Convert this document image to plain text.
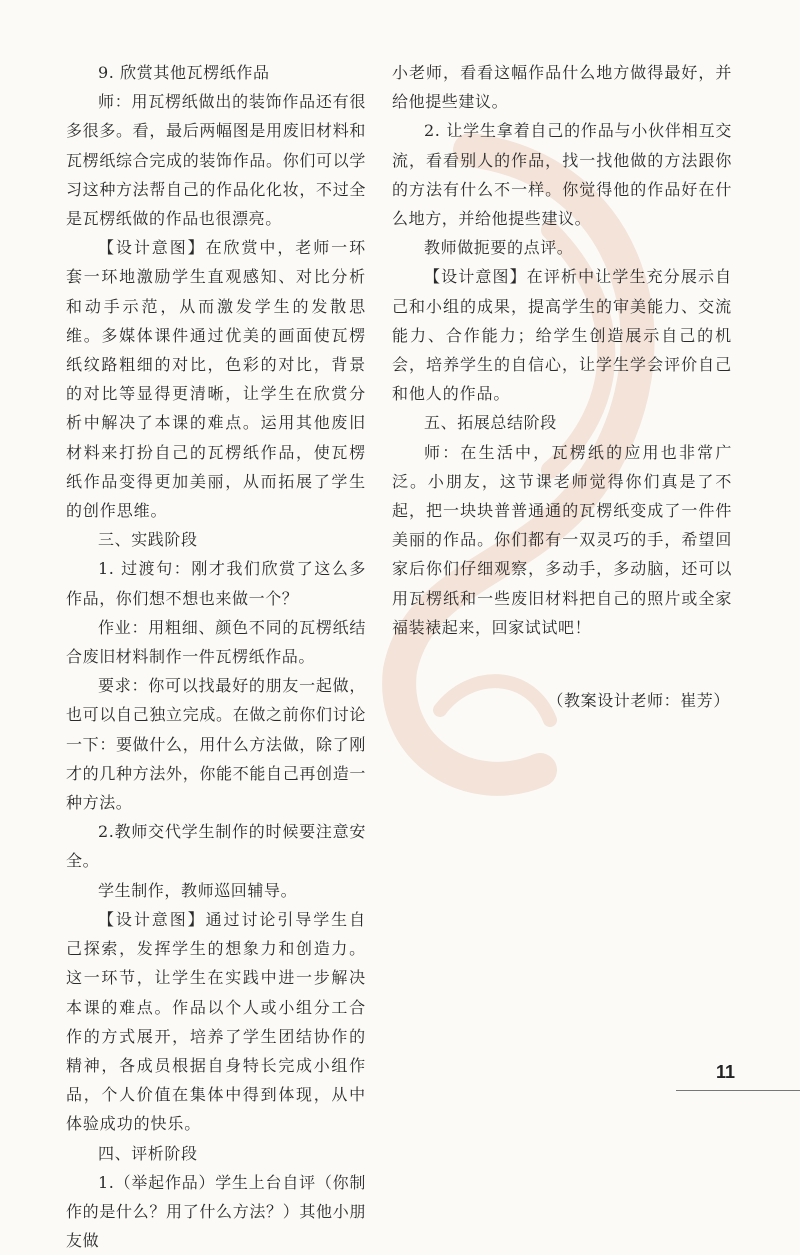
9. 欣赏其他瓦楞纸作品

师：用瓦楞纸做出的装饰作品还有很多很多。看，最后两幅图是用废旧材料和瓦楞纸综合完成的装饰作品。你们可以学习这种方法帮自己的作品化化妆，不过全是瓦楞纸做的作品也很漂亮。

【设计意图】在欣赏中，老师一环套一环地激励学生直观感知、对比分析和动手示范，从而激发学生的发散思维。多媒体课件通过优美的画面使瓦楞纸纹路粗细的对比，色彩的对比，背景的对比等显得更清晰，让学生在欣赏分析中解决了本课的难点。运用其他废旧材料来打扮自己的瓦楞纸作品，使瓦楞纸作品变得更加美丽，从而拓展了学生的创作思维。

三、实践阶段

1. 过渡句：刚才我们欣赏了这么多作品，你们想不想也来做一个？

作业：用粗细、颜色不同的瓦楞纸结合废旧材料制作一件瓦楞纸作品。

要求：你可以找最好的朋友一起做，也可以自己独立完成。在做之前你们讨论一下：要做什么，用什么方法做，除了刚才的几种方法外，你能不能自己再创造一种方法。

2.教师交代学生制作的时候要注意安全。

学生制作，教师巡回辅导。

【设计意图】通过讨论引导学生自己探索，发挥学生的想象力和创造力。这一环节，让学生在实践中进一步解决本课的难点。作品以个人或小组分工合作的方式展开，培养了学生团结协作的精神，各成员根据自身特长完成小组作品，个人价值在集体中得到体现，从中体验成功的快乐。

四、评析阶段

1.（举起作品）学生上台自评（你制作的是什么？用了什么方法？）其他小朋友做

小老师，看看这幅作品什么地方做得最好，并给他提些建议。

2. 让学生拿着自己的作品与小伙伴相互交流，看看别人的作品，找一找他做的方法跟你的方法有什么不一样。你觉得他的作品好在什么地方，并给他提些建议。

教师做扼要的点评。

【设计意图】在评析中让学生充分展示自己和小组的成果，提高学生的审美能力、交流能力、合作能力；给学生创造展示自己的机会，培养学生的自信心，让学生学会评价自己和他人的作品。

五、拓展总结阶段

师：在生活中，瓦楞纸的应用也非常广泛。小朋友，这节课老师觉得你们真是了不起，把一块块普普通通的瓦楞纸变成了一件件美丽的作品。你们都有一双灵巧的手，希望回家后你们仔细观察，多动手，多动脑，还可以用瓦楞纸和一些废旧材料把自己的照片或全家福装裱起来，回家试试吧！

（教案设计老师：崔芳）

11
